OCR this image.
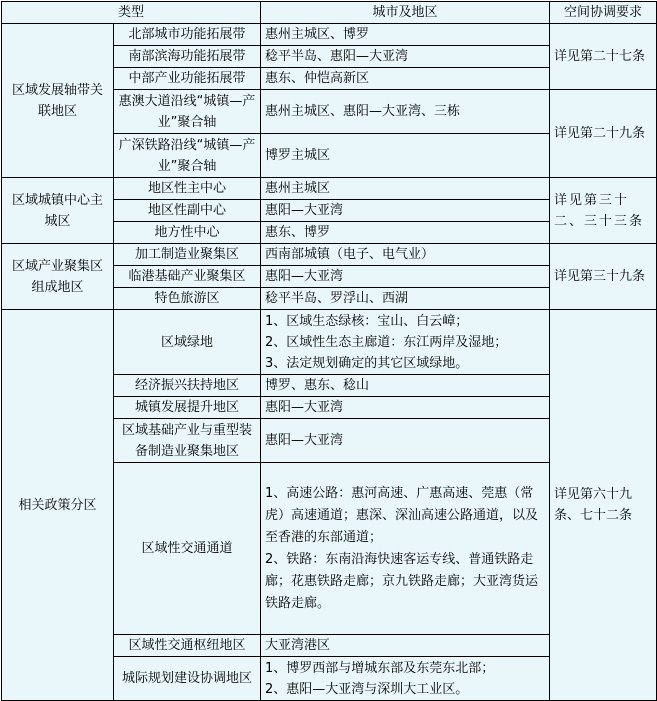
类型		城市及地区	空间协调要求
区域发展轴带关联地区	北部城市功能拓展带	惠州主城区、博罗	详见第二十七条
	南部滨海功能拓展带	稔平半岛、惠阳—大亚湾	
	中部产业功能拓展带	惠东、仲恺高新区	
	惠澳大道沿线“城镇—产业”聚合轴	惠州主城区、惠阳—大亚湾、三栋	详见第二十九条
	广深铁路沿线“城镇—产业”聚合轴	博罗主城区	
区域城镇中心主城区	地区性主中心	惠州主城区	详见第三十二、三十三条
	地区性副中心	惠阳—大亚湾	
	地方性中心	惠东、博罗	
区域产业聚集区组成地区	加工制造业聚集区	西南部城镇（电子、电气业）	详见第三十九条
	临港基础产业聚集区	惠阳—大亚湾	
	特色旅游区	稔平半岛、罗浮山、西湖	
相关政策分区	区域绿地	1、区域生态绿核：宝山、白云嶂；
2、区域性生态主廊道：东江两岸及湿地；
3、法定规划确定的其它区域绿地。	详见第六十九条、七十二条
	经济振兴扶持地区	博罗、惠东、稔山	
	城镇发展提升地区	惠阳—大亚湾	
	区域基础产业与重型装备制造业聚集地区	惠阳—大亚湾	
	区域性交通通道	1、高速公路：惠河高速、广惠高速、莞惠（常虎）高速通道；惠深、深汕高速公路通道，以及至香港的东部通道；
2、铁路：东南沿海快速客运专线、普通铁路走廊；花惠铁路走廊；京九铁路走廊；大亚湾货运铁路走廊。	

	区域性交通枢纽地区	大亚湾港区	
	城际规划建设协调地区	1、博罗西部与增城东部及东莞东北部；
2、惠阳—大亚湾与深圳大工业区。	
